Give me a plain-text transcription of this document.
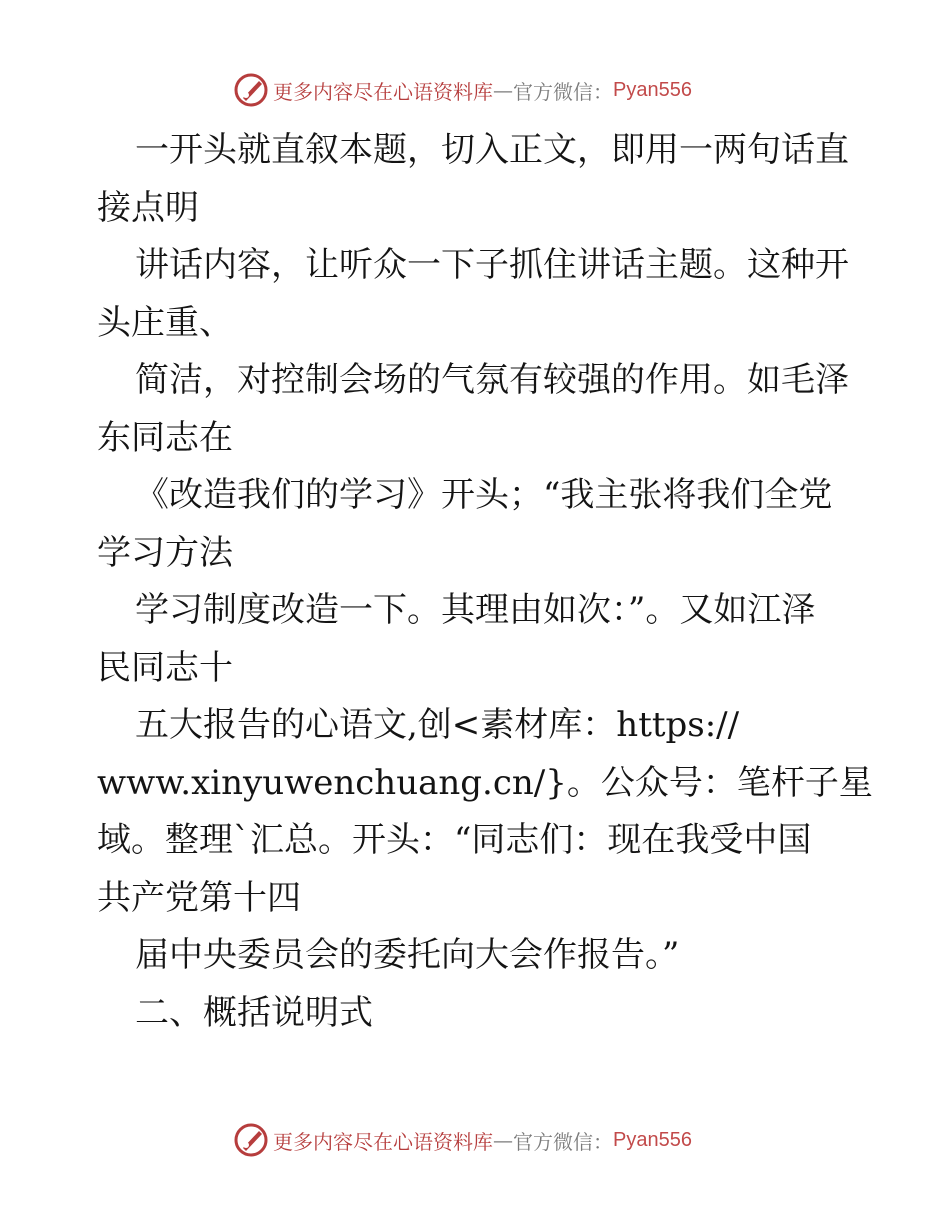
更多内容尽在心语资料库 — 官方微信： Pyan556
一开头就直叙本题，切入正文，即用一两句话直
接点明
讲话内容，让听众一下子抓住讲话主题。这种开
头庄重、
简洁，对控制会场的气氛有较强的作用。如毛泽
东同志在
《改造我们的学习》开头；“我主张将我们全党
学习方法
学习制度改造一下。其理由如次：”。又如江泽
民同志十
五大报告的心语文,创<素材库：https://
www.xinyuwenchuang.cn/}。公众号：笔杆子星
域。整理`汇总。开头：“同志们：现在我受中国
共产党第十四
届中央委员会的委托向大会作报告。”
二、概括说明式
更多内容尽在心语资料库 — 官方微信： Pyan556
